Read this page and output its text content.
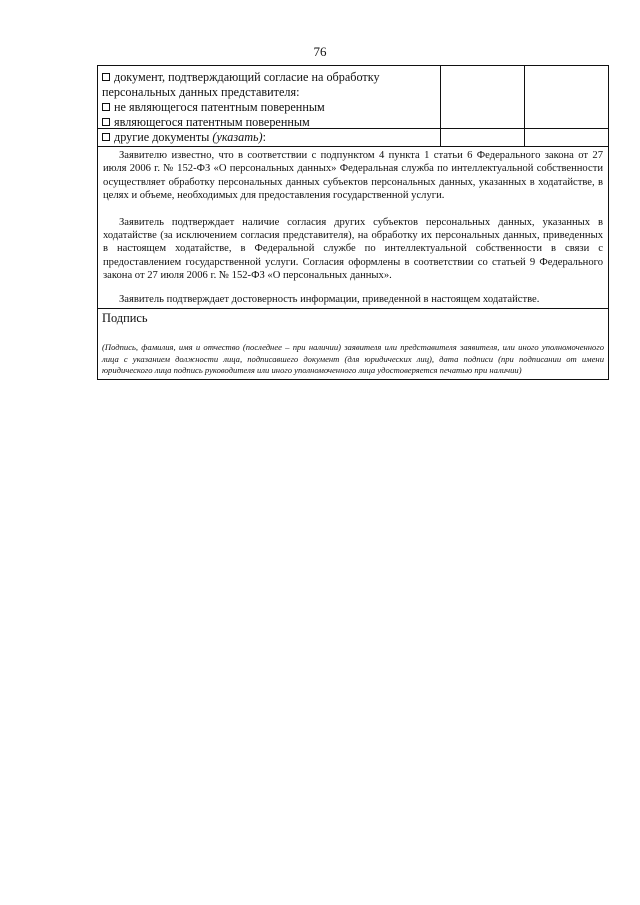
76
документ, подтверждающий согласие на обработку
персональных данных представителя:
не являющегося патентным поверенным
являющегося патентным поверенным
другие документы (указать):

Заявителю известно, что в соответствии с подпунктом 4 пункта 1 статьи 6 Федерального закона от 27 июля 2006 г. № 152-ФЗ «О персональных данных» Федеральная служба по интеллектуальной собственности осуществляет обработку персональных данных субъектов персональных данных, указанных в ходатайстве, в целях и объеме, необходимых для предоставления государственной услуги.

Заявитель подтверждает наличие согласия других субъектов персональных данных, указанных в ходатайстве (за исключением согласия представителя), на обработку их персональных данных, приведенных в настоящем ходатайстве, в Федеральной службе по интеллектуальной собственности в связи с предоставлением государственной услуги. Согласия оформлены в соответствии со статьей 9 Федерального закона от 27 июля 2006 г. № 152-ФЗ «О персональных данных».

Заявитель подтверждает достоверность информации, приведенной в настоящем ходатайстве.

Подпись
(Подпись, фамилия, имя и отчество (последнее – при наличии) заявителя или представителя заявителя, или иного уполномоченного лица с указанием должности лица, подписавшего документ (для юридических лиц), дата подписи (при подписании от имени юридического лица подпись руководителя или иного уполномоченного лица удостоверяется печатью при наличии)
